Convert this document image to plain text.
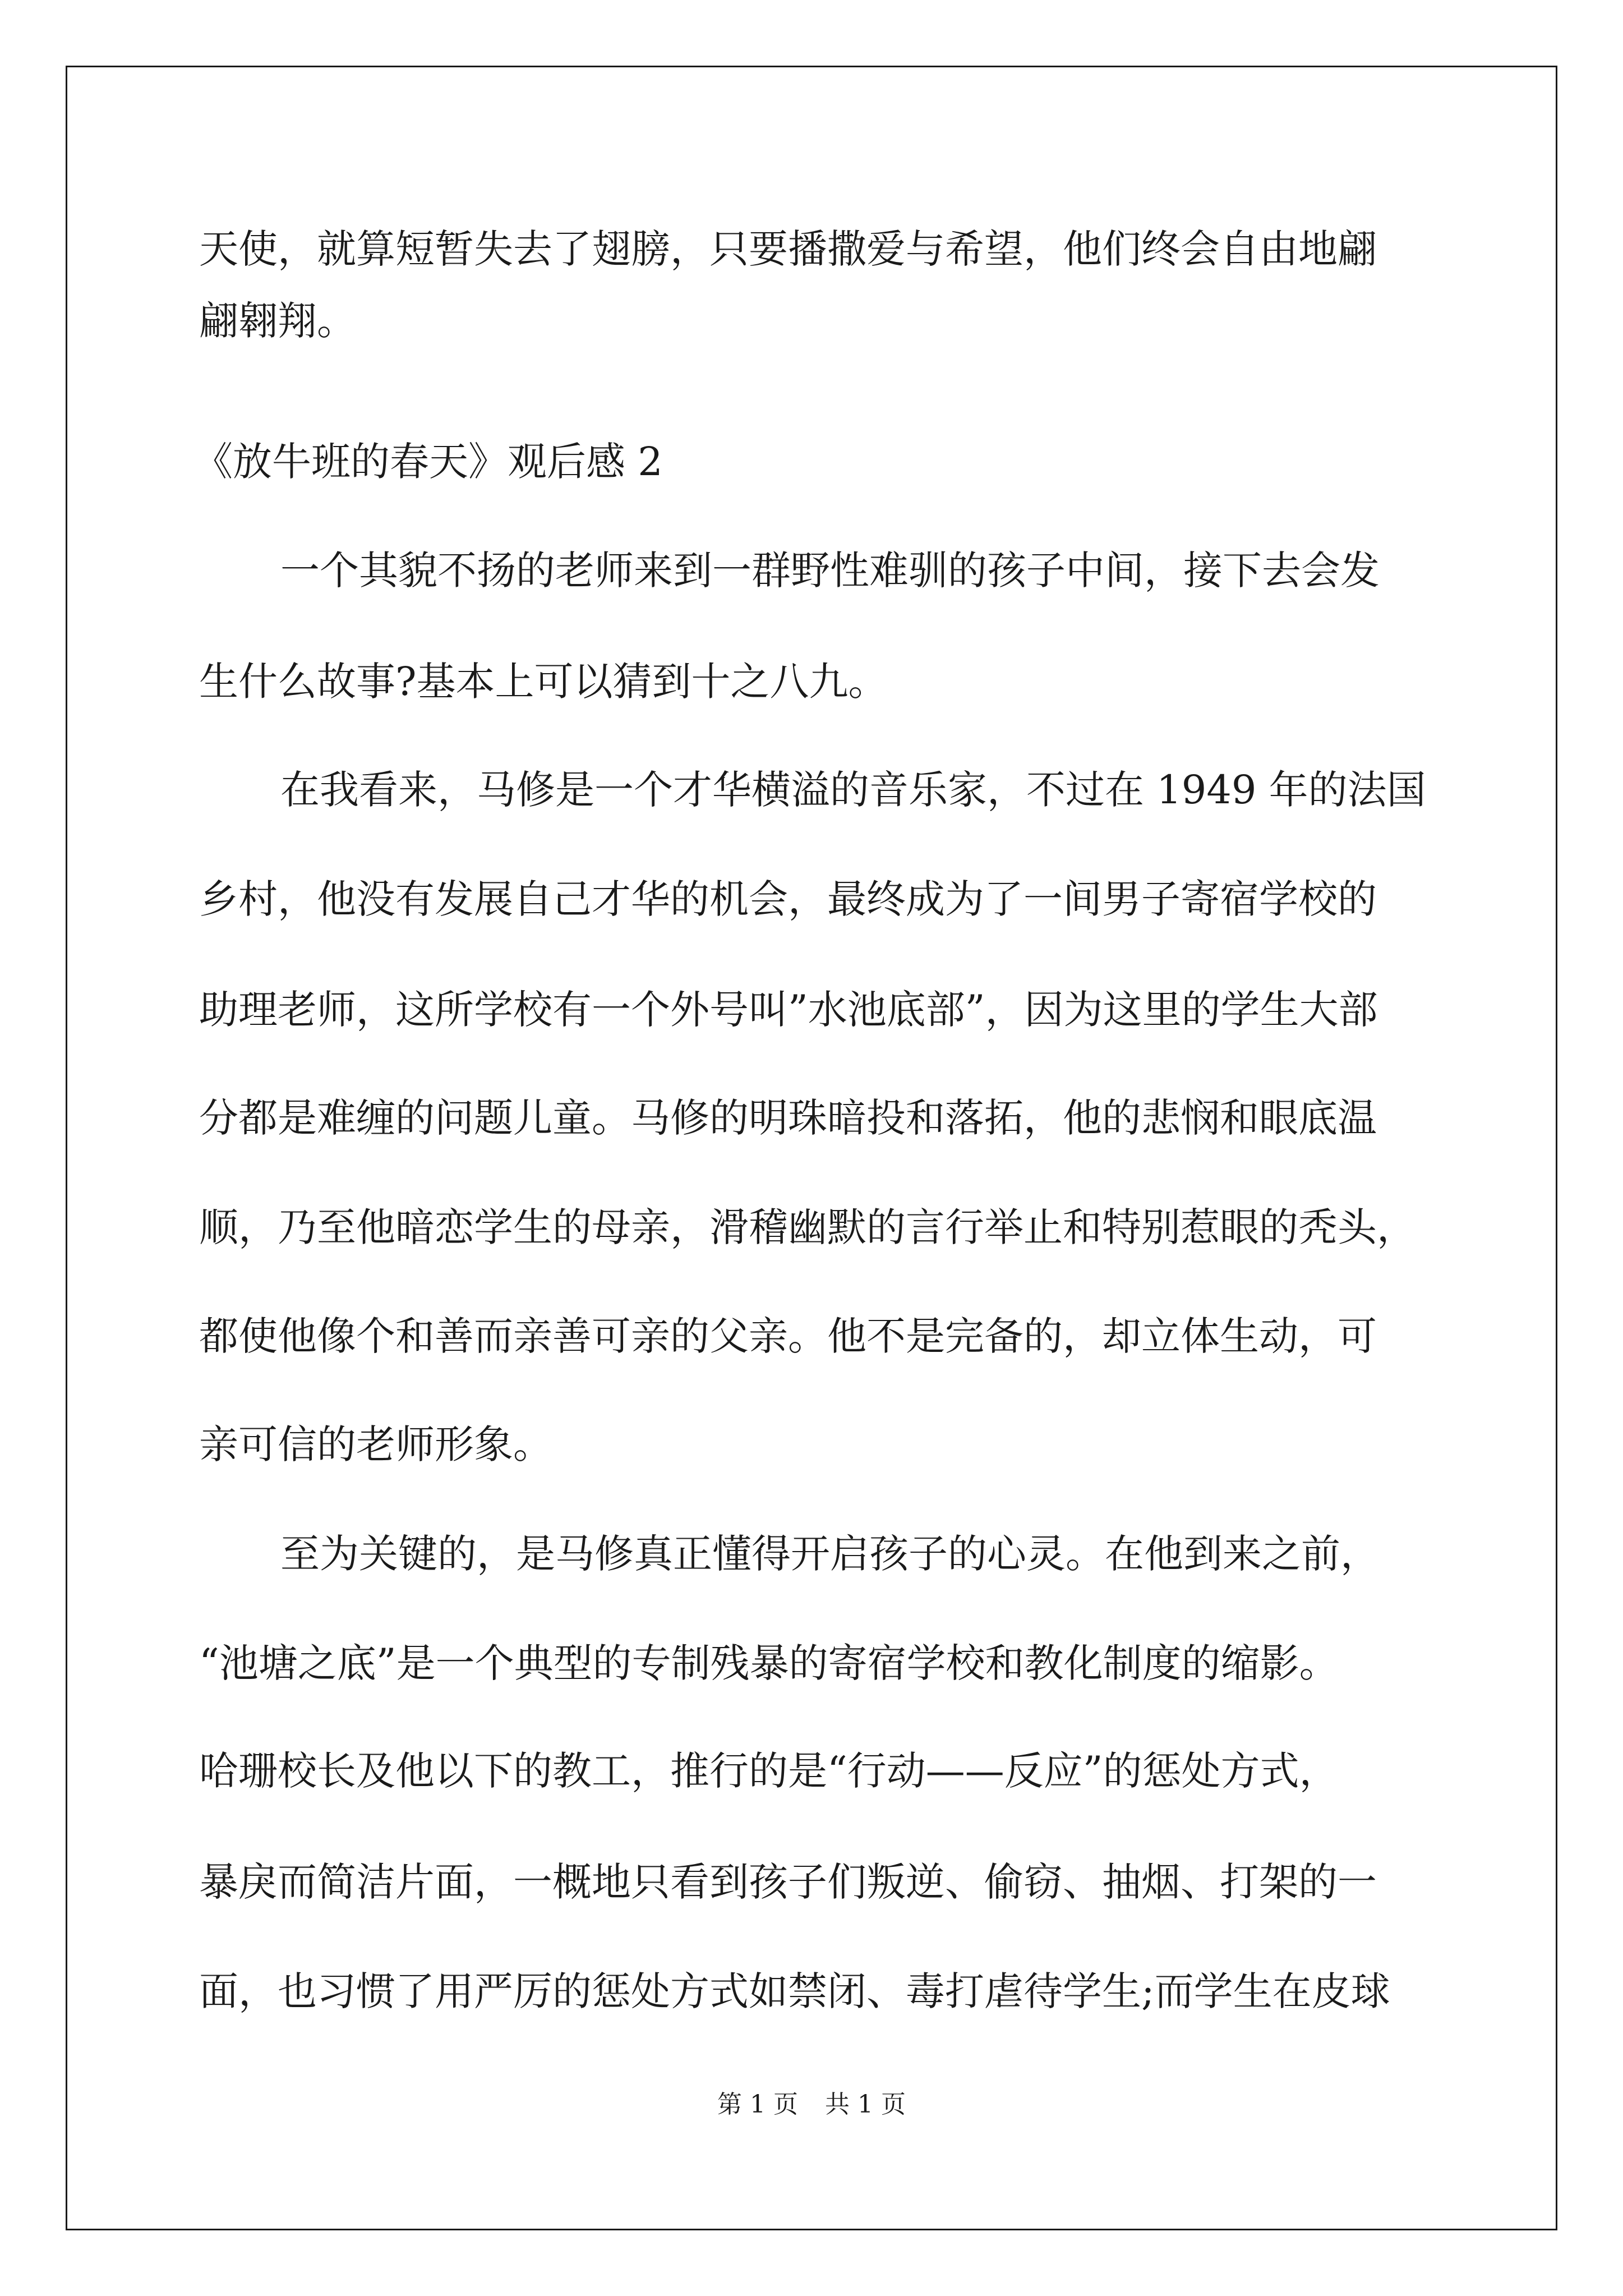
天使，就算短暂失去了翅膀，只要播撒爱与希望，他们终会自由地翩
翩翱翔。
《放牛班的春天》观后感 2
一个其貌不扬的老师来到一群野性难驯的孩子中间，接下去会发
生什么故事?基本上可以猜到十之八九。
在我看来，马修是一个才华横溢的音乐家，不过在 1949 年的法国
乡村，他没有发展自己才华的机会，最终成为了一间男子寄宿学校的
助理老师，这所学校有一个外号叫”水池底部”，因为这里的学生大部
分都是难缠的问题儿童。马修的明珠暗投和落拓，他的悲悯和眼底温
顺，乃至他暗恋学生的母亲，滑稽幽默的言行举止和特别惹眼的秃头，
都使他像个和善而亲善可亲的父亲。他不是完备的，却立体生动，可
亲可信的老师形象。
至为关键的，是马修真正懂得开启孩子的心灵。在他到来之前，
“池塘之底”是一个典型的专制残暴的寄宿学校和教化制度的缩影。
哈珊校长及他以下的教工，推行的是“行动——反应”的惩处方式，
暴戾而简洁片面，一概地只看到孩子们叛逆、偷窃、抽烟、打架的一
面，也习惯了用严厉的惩处方式如禁闭、毒打虐待学生;而学生在皮球
第 1 页 共 1 页
